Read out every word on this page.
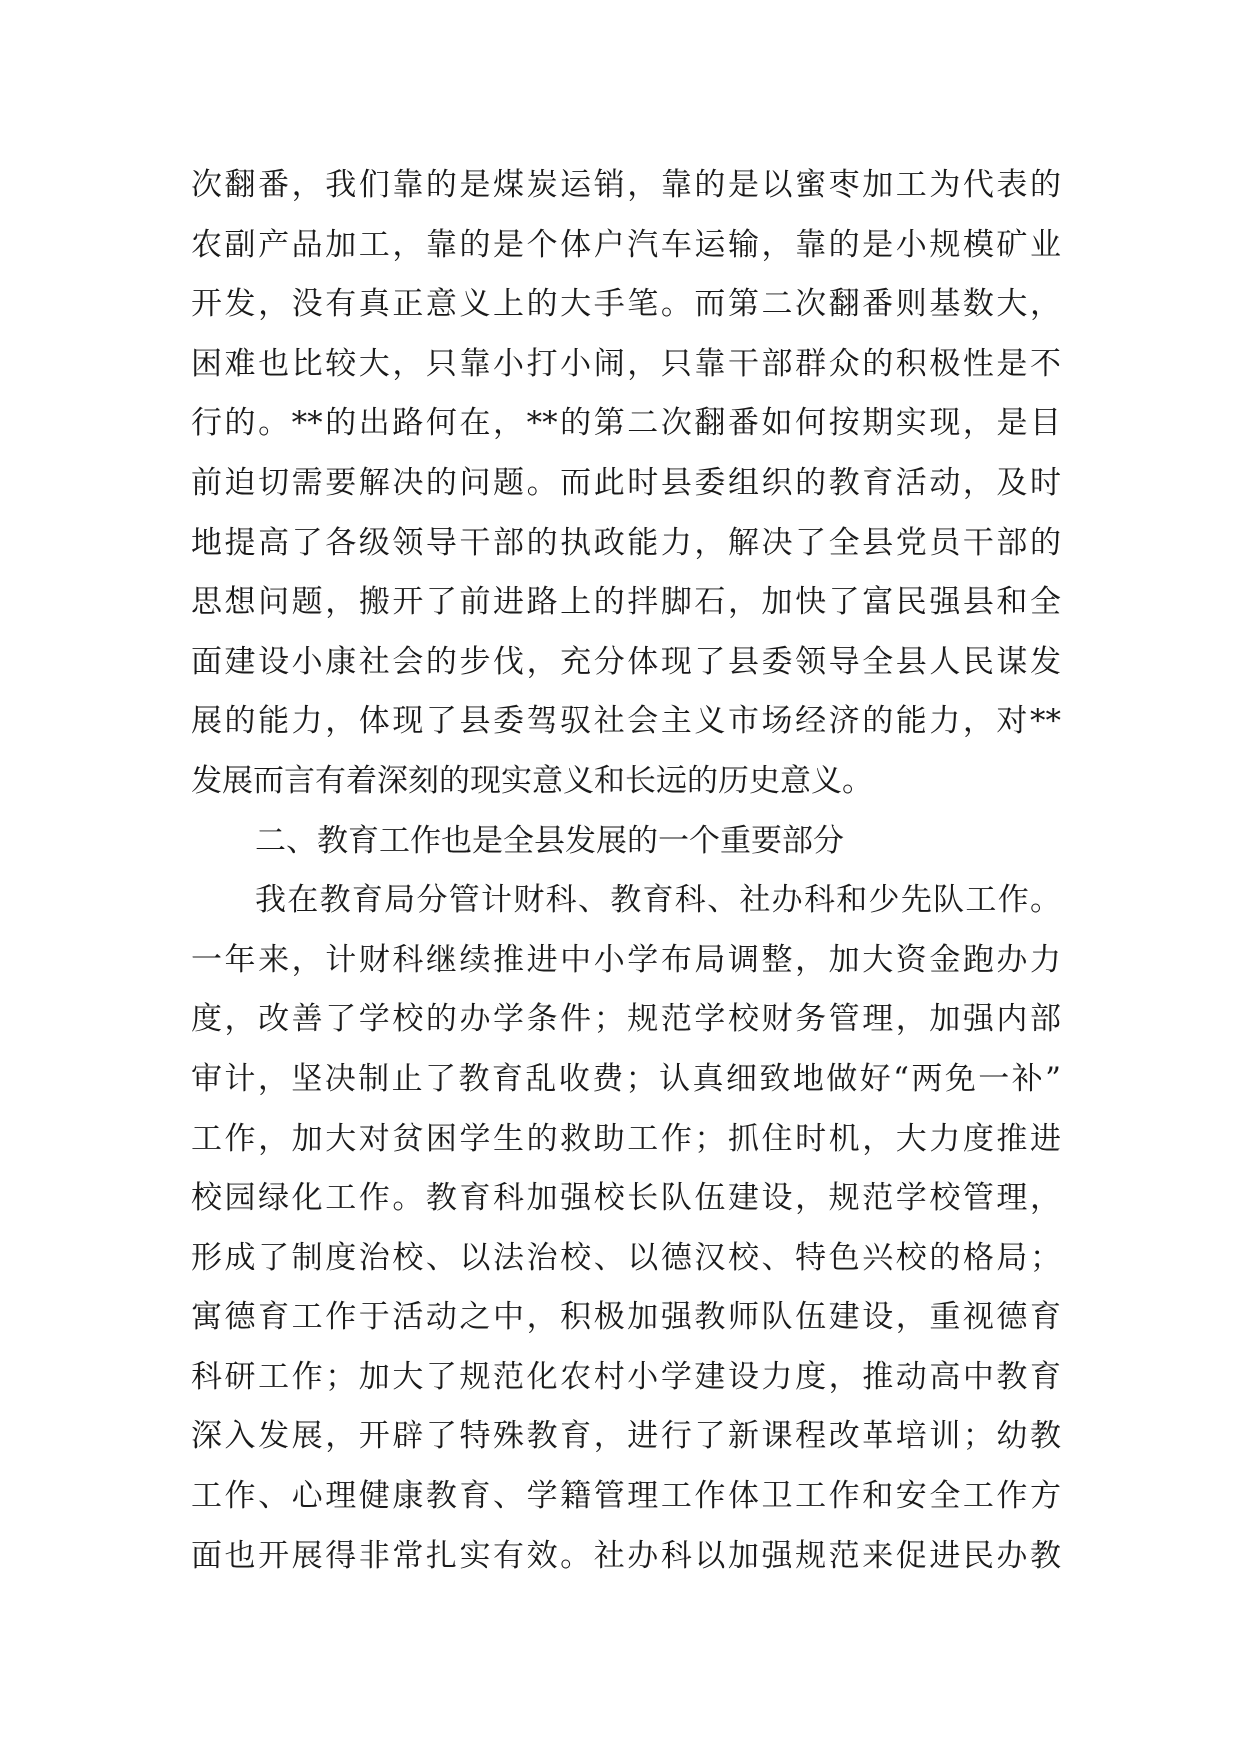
次翻番，我们靠的是煤炭运销，靠的是以蜜枣加工为代表的
农副产品加工，靠的是个体户汽车运输，靠的是小规模矿业
开发，没有真正意义上的大手笔。而第二次翻番则基数大，
困难也比较大，只靠小打小闹，只靠干部群众的积极性是不
行的。**的出路何在，**的第二次翻番如何按期实现，是目
前迫切需要解决的问题。而此时县委组织的教育活动，及时
地提高了各级领导干部的执政能力，解决了全县党员干部的
思想问题，搬开了前进路上的拌脚石，加快了富民强县和全
面建设小康社会的步伐，充分体现了县委领导全县人民谋发
展的能力，体现了县委驾驭社会主义市场经济的能力，对**
发展而言有着深刻的现实意义和长远的历史意义。
二、教育工作也是全县发展的一个重要部分
我在教育局分管计财科、教育科、社办科和少先队工作。
一年来，计财科继续推进中小学布局调整，加大资金跑办力
度，改善了学校的办学条件；规范学校财务管理，加强内部
审计，坚决制止了教育乱收费；认真细致地做好“两免一补”
工作，加大对贫困学生的救助工作；抓住时机，大力度推进
校园绿化工作。教育科加强校长队伍建设，规范学校管理，
形成了制度治校、以法治校、以德汉校、特色兴校的格局；
寓德育工作于活动之中，积极加强教师队伍建设，重视德育
科研工作；加大了规范化农村小学建设力度，推动高中教育
深入发展，开辟了特殊教育，进行了新课程改革培训；幼教
工作、心理健康教育、学籍管理工作体卫工作和安全工作方
面也开展得非常扎实有效。社办科以加强规范来促进民办教
